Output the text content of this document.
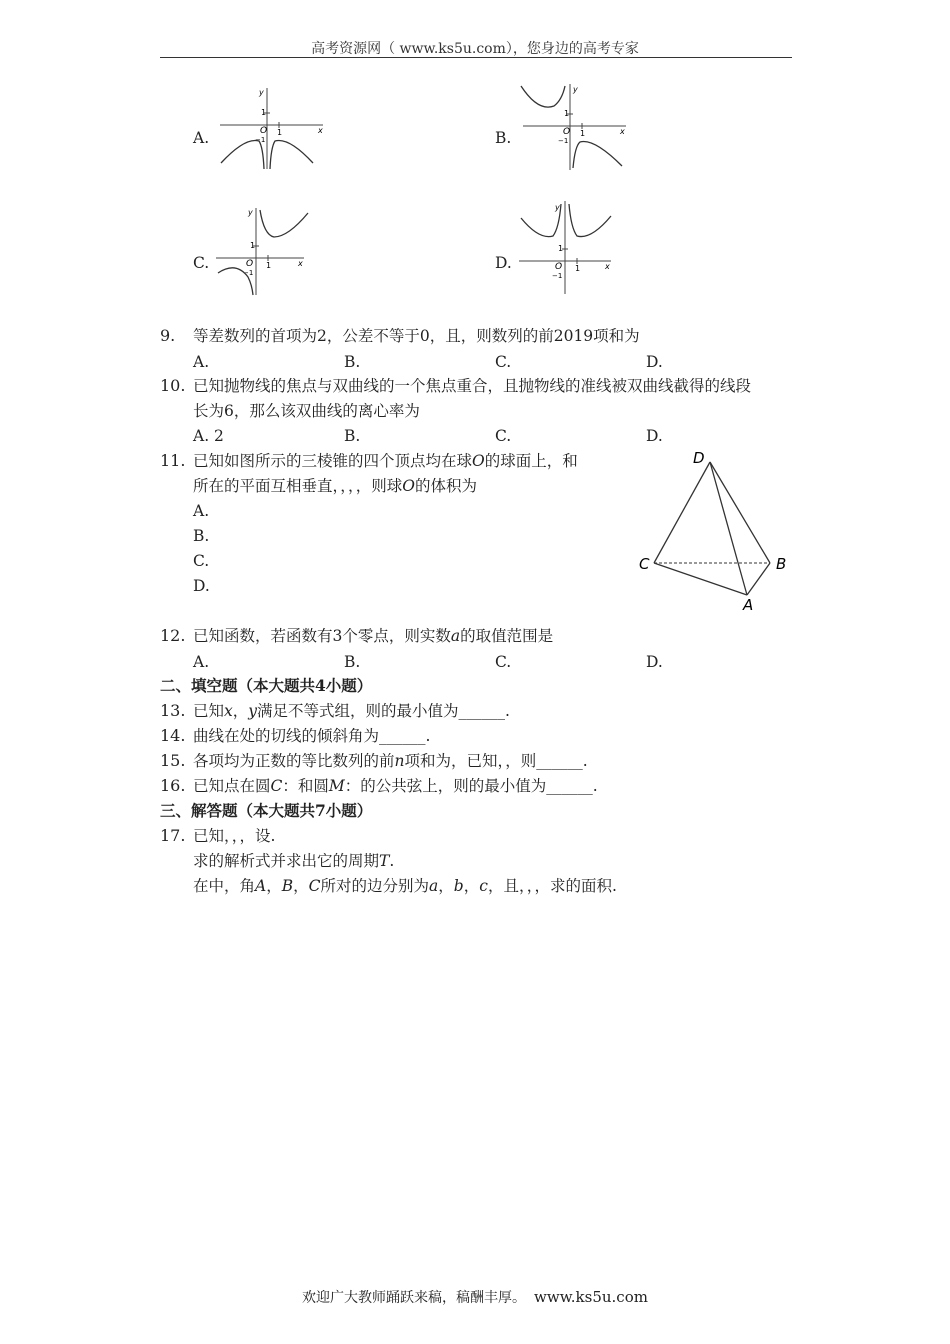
高考资源网（ www.ks5u.com），您身边的高考专家
A.
y
x
O
1
1
−1	B.
y
x
O
1
1
−1
C.
y
x
O
1
1
−1
D.
y
x
O
1
1
−1
9. 等差数列的首项为2，公差不等于0，且，则数列的前2019项和为
A.	B.	C.	D.
10. 已知抛物线的焦点与双曲线的一个焦点重合，且抛物线的准线被双曲线截得的线段
长为6，那么该双曲线的离心率为
A. 2	B.	C.	D.
11. 已知如图所示的三棱锥的四个顶点均在球O的球面上，和
所在的平面互相垂直，，，，则球O的体积为
A.
B.
C.
D.
D
C	B
A
12. 已知函数，若函数有3个零点，则实数a的取值范围是
A.	B.	C.	D.
二、填空题（本大题共4小题）
13. 已知x，y满足不等式组，则的最小值为______.
14. 曲线在处的切线的倾斜角为______.
15. 各项均为正数的等比数列的前n项和为，已知，，则______.
16. 已知点在圆C：和圆M：的公共弦上，则的最小值为______.
三、解答题（本大题共7小题）
17. 已知，，，设.
求的解析式并求出它的周期T.
在中，角A，B，C所对的边分别为a，b，c，且，，，求的面积.
欢迎广大教师踊跃来稿，稿酬丰厚。 www.ks5u.com
